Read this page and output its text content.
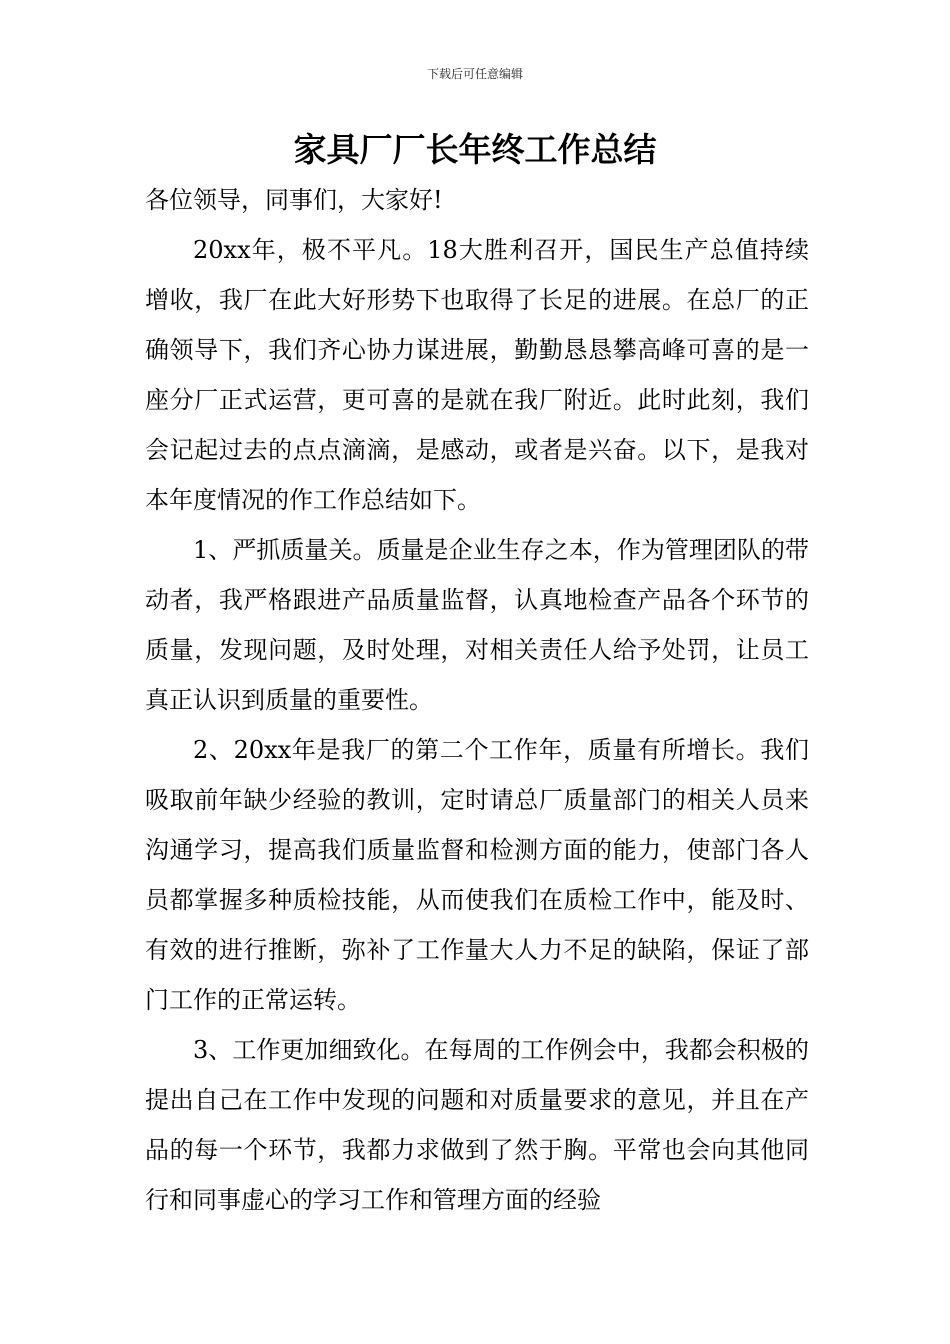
下载后可任意编辑
家具厂厂长年终工作总结

各位领导，同事们，大家好!

20xx年，极不平凡。18大胜利召开，国民生产总值持续增收，我厂在此大好形势下也取得了长足的进展。在总厂的正确领导下，我们齐心协力谋进展，勤勤恳恳攀高峰可喜的是一座分厂正式运营，更可喜的是就在我厂附近。此时此刻，我们会记起过去的点点滴滴，是感动，或者是兴奋。以下，是我对本年度情况的作工作总结如下。

1、严抓质量关。质量是企业生存之本，作为管理团队的带动者，我严格跟进产品质量监督，认真地检查产品各个环节的质量，发现问题，及时处理，对相关责任人给予处罚，让员工真正认识到质量的重要性。

2、20xx年是我厂的第二个工作年，质量有所增长。我们吸取前年缺少经验的教训，定时请总厂质量部门的相关人员来沟通学习，提高我们质量监督和检测方面的能力，使部门各人员都掌握多种质检技能，从而使我们在质检工作中，能及时、有效的进行推断，弥补了工作量大人力不足的缺陷，保证了部门工作的正常运转。

3、工作更加细致化。在每周的工作例会中，我都会积极的提出自己在工作中发现的问题和对质量要求的意见，并且在产品的每一个环节，我都力求做到了然于胸。平常也会向其他同行和同事虚心的学习工作和管理方面的经验
